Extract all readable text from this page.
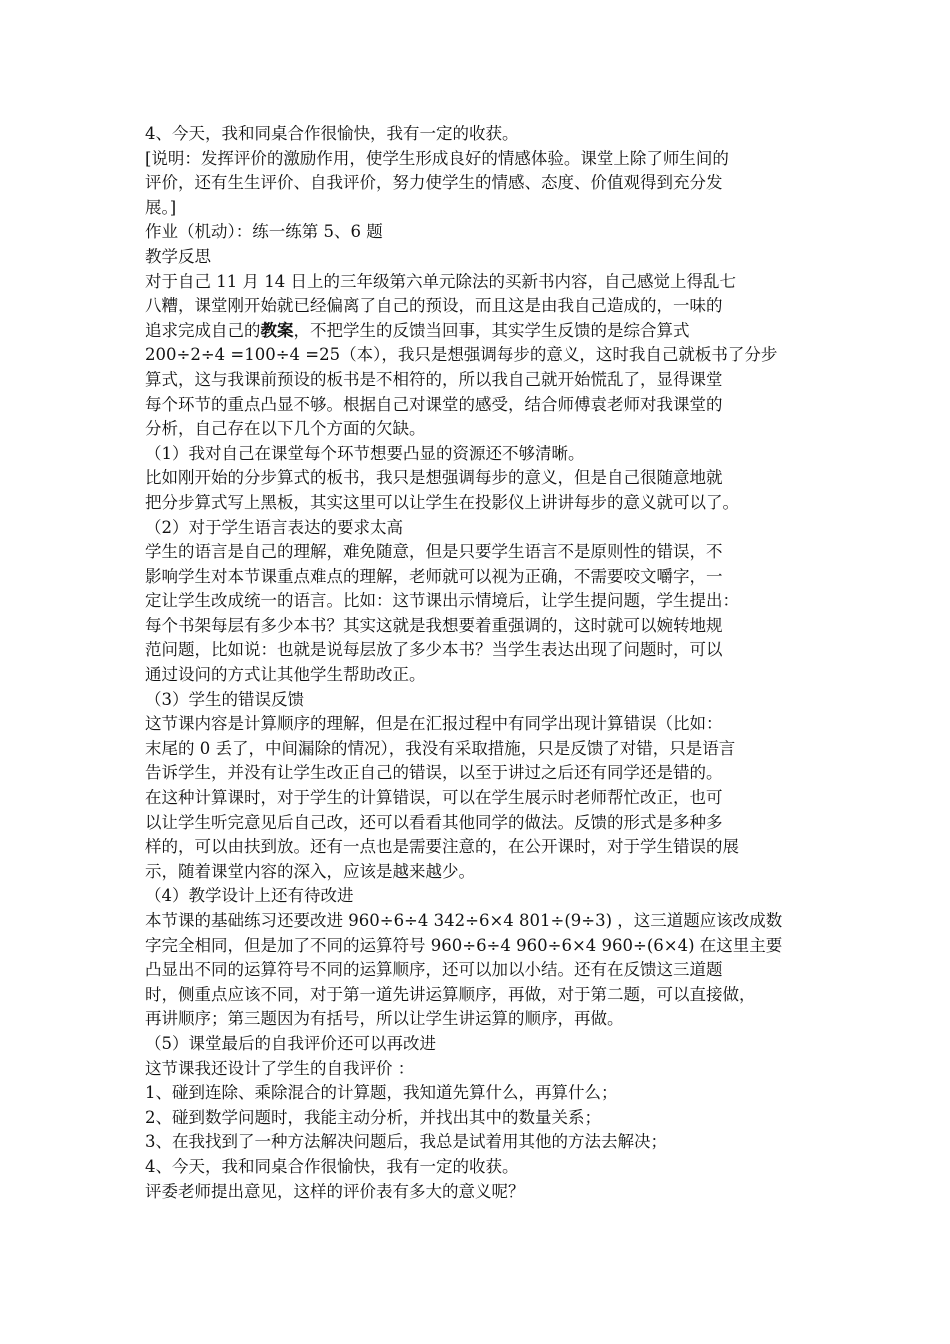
4、今天，我和同桌合作很愉快，我有一定的收获。

[说明：发挥评价的激励作用，使学生形成良好的情感体验。课堂上除了师生间的

评价，还有生生评价、自我评价，努力使学生的情感、态度、价值观得到充分发

展。]

作业（机动）：练一练第 5、6 题

教学反思

对于自己 11 月 14 日上的三年级第六单元除法的买新书内容，自己感觉上得乱七

八糟，课堂刚开始就已经偏离了自己的预设，而且这是由我自己造成的，一味的

追求完成自己的教案，不把学生的反馈当回事，其实学生反馈的是综合算式

200÷2÷4 =100÷4 =25（本），我只是想强调每步的意义，这时我自己就板书了分步

算式，这与我课前预设的板书是不相符的，所以我自己就开始慌乱了，显得课堂

每个环节的重点凸显不够。根据自己对课堂的感受，结合师傅袁老师对我课堂的

分析，自己存在以下几个方面的欠缺。

（1）我对自己在课堂每个环节想要凸显的资源还不够清晰。

比如刚开始的分步算式的板书，我只是想强调每步的意义，但是自己很随意地就

把分步算式写上黑板，其实这里可以让学生在投影仪上讲讲每步的意义就可以了。

（2）对于学生语言表达的要求太高

学生的语言是自己的理解，难免随意，但是只要学生语言不是原则性的错误，不

影响学生对本节课重点难点的理解，老师就可以视为正确，不需要咬文嚼字，一

定让学生改成统一的语言。比如：这节课出示情境后，让学生提问题，学生提出：

每个书架每层有多少本书？其实这就是我想要着重强调的，这时就可以婉转地规

范问题，比如说：也就是说每层放了多少本书？当学生表达出现了问题时，可以

通过设问的方式让其他学生帮助改正。

（3）学生的错误反馈

这节课内容是计算顺序的理解，但是在汇报过程中有同学出现计算错误（比如：

末尾的 0 丢了，中间漏除的情况），我没有采取措施，只是反馈了对错，只是语言

告诉学生，并没有让学生改正自己的错误，以至于讲过之后还有同学还是错的。

在这种计算课时，对于学生的计算错误，可以在学生展示时老师帮忙改正，也可

以让学生听完意见后自己改，还可以看看其他同学的做法。反馈的形式是多种多

样的，可以由扶到放。还有一点也是需要注意的，在公开课时，对于学生错误的展

示，随着课堂内容的深入，应该是越来越少。

（4）教学设计上还有待改进

本节课的基础练习还要改进 960÷6÷4 342÷6×4 801÷(9÷3) ，这三道题应该改成数

字完全相同，但是加了不同的运算符号 960÷6÷4 960÷6×4 960÷(6×4) 在这里主要

凸显出不同的运算符号不同的运算顺序，还可以加以小结。还有在反馈这三道题

时，侧重点应该不同，对于第一道先讲运算顺序，再做，对于第二题，可以直接做，

再讲顺序；第三题因为有括号，所以让学生讲运算的顺序，再做。

（5）课堂最后的自我评价还可以再改进

这节课我还设计了学生的自我评价 ：

1、碰到连除、乘除混合的计算题，我知道先算什么，再算什么；

2、碰到数学问题时，我能主动分析，并找出其中的数量关系；

3、在我找到了一种方法解决问题后，我总是试着用其他的方法去解决；

4、今天，我和同桌合作很愉快，我有一定的收获。

评委老师提出意见，这样的评价表有多大的意义呢？
